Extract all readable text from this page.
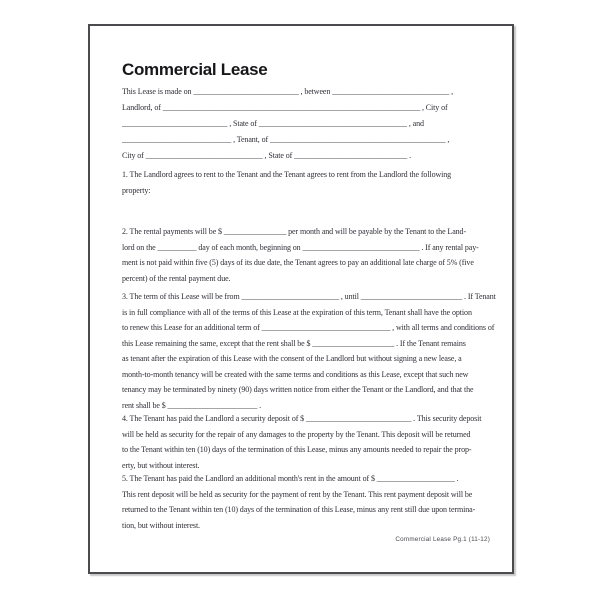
Commercial Lease
This Lease is made on ___________________________ , between ______________________________ ,
Landlord, of __________________________________________________________________ , City of
___________________________ , State of ______________________________________ , and
____________________________ , Tenant, of _____________________________________________ ,
City of ______________________________ , State of _____________________________ .
1. The Landlord agrees to rent to the Tenant and the Tenant agrees to rent from the Landlord the following
property:
2. The rental payments will be $ ________________ per month and will be payable by the Tenant to the Land-
lord on the __________ day of each month, beginning on ______________________________ . If any rental pay-
ment is not paid within five (5) days of its due date, the Tenant agrees to pay an additional late charge of 5% (five
percent) of the rental payment due.
3. The term of this Lease will be from _________________________ , until __________________________ . If Tenant
is in full compliance with all of the terms of this Lease at the expiration of this term, Tenant shall have the option
to renew this Lease for an additional term of _________________________________ , with all terms and conditions of
this Lease remaining the same, except that the rent shall be $ _____________________ . If the Tenant remains
as tenant after the expiration of this Lease with the consent of the Landlord but without signing a new lease, a
month-to-month tenancy will be created with the same terms and conditions as this Lease, except that such new
tenancy may be terminated by ninety (90) days written notice from either the Tenant or the Landlord, and that the
rent shall be $ _______________________ .
4. The Tenant has paid the Landlord a security deposit of $ ___________________________ . This security deposit
will be held as security for the repair of any damages to the property by the Tenant. This deposit will be returned
to the Tenant within ten (10) days of the termination of this Lease, minus any amounts needed to repair the prop-
erty, but without interest.
5. The Tenant has paid the Landlord an additional month's rent in the amount of $ ____________________ .
This rent deposit will be held as security for the payment of rent by the Tenant. This rent payment deposit will be
returned to the Tenant within ten (10) days of the termination of this Lease, minus any rent still due upon termina-
tion, but without interest.
Commercial Lease Pg.1 (11-12)
